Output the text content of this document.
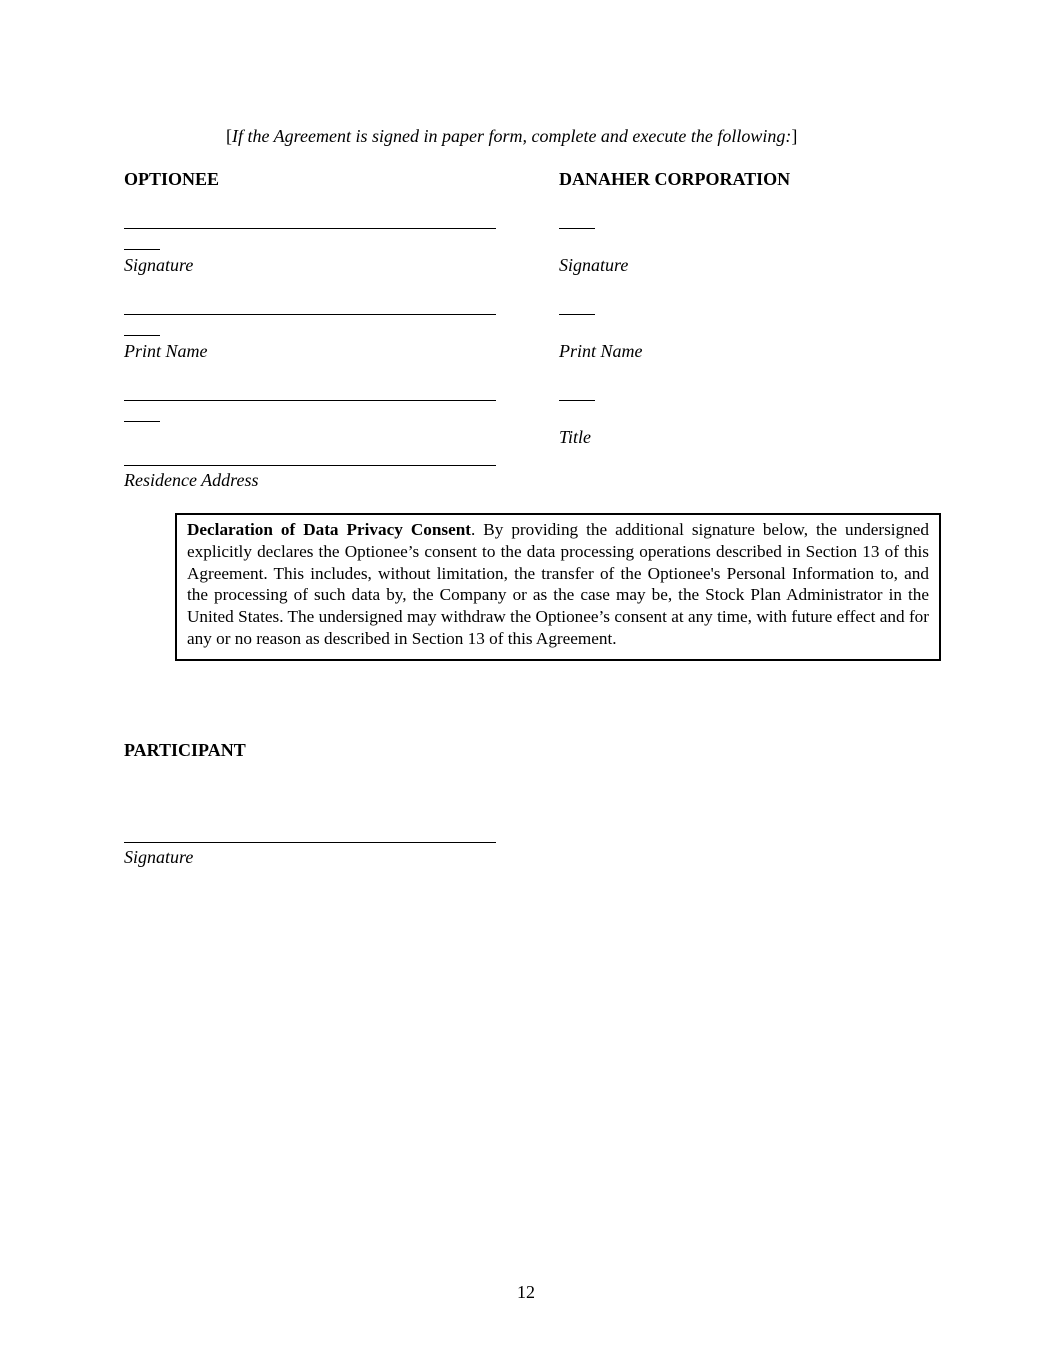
[If the Agreement is signed in paper form, complete and execute the following:]
OPTIONEE
Signature
Print Name
Residence Address
DANAHER CORPORATION
Signature
Print Name
Title
Declaration of Data Privacy Consent. By providing the additional signature below, the undersigned explicitly declares the Optionee’s consent to the data processing operations described in Section 13 of this Agreement. This includes, without limitation, the transfer of the Optionee's Personal Information to, and the processing of such data by, the Company or as the case may be, the Stock Plan Administrator in the United States. The undersigned may withdraw the Optionee’s consent at any time, with future effect and for any or no reason as described in Section 13 of this Agreement.
PARTICIPANT
Signature
12
